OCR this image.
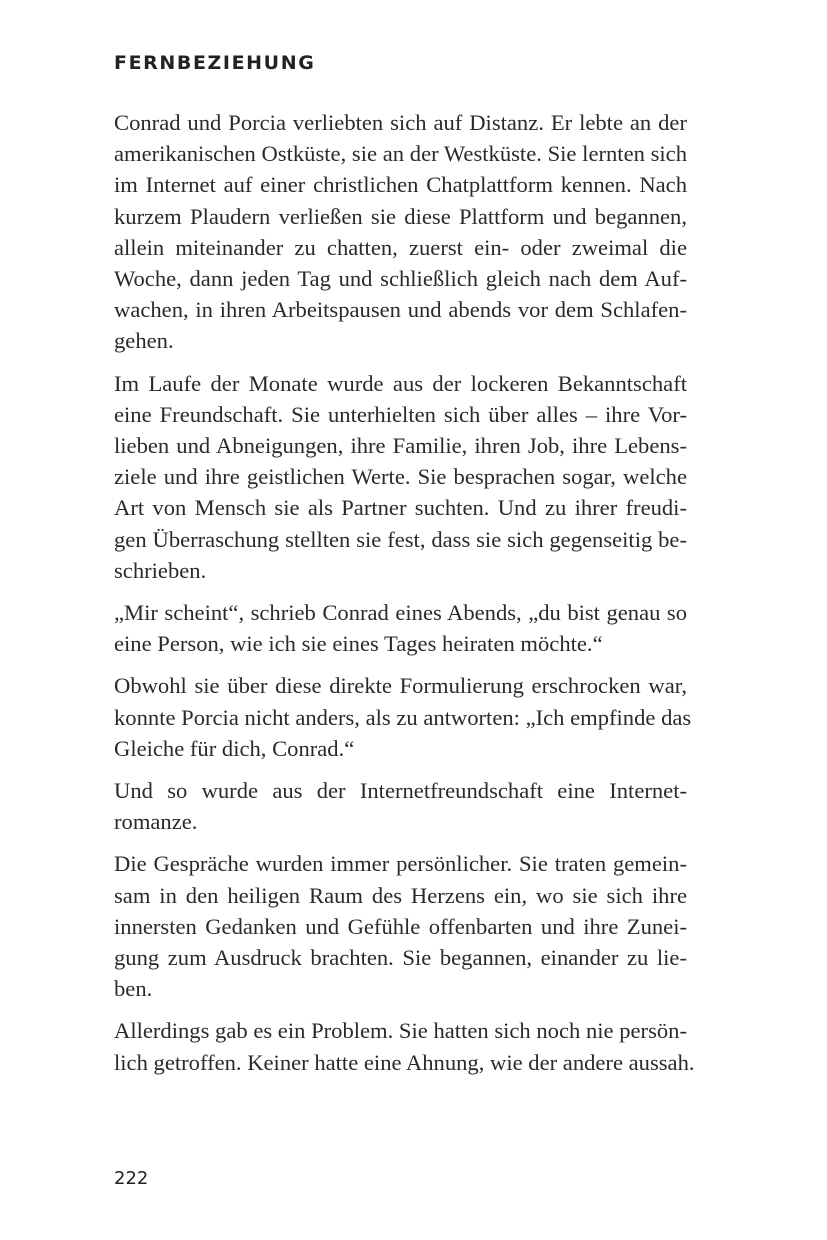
FERNBEZIEHUNG

Conrad und Porcia verliebten sich auf Distanz. Er lebte an der
amerikanischen Ostküste, sie an der Westküste. Sie lernten sich
im Internet auf einer christlichen Chatplattform kennen. Nach
kurzem Plaudern verließen sie diese Plattform und begannen,
allein miteinander zu chatten, zuerst ein- oder zweimal die
Woche, dann jeden Tag und schließlich gleich nach dem Auf-
wachen, in ihren Arbeitspausen und abends vor dem Schlafen-
gehen.

Im Laufe der Monate wurde aus der lockeren Bekanntschaft
eine Freundschaft. Sie unterhielten sich über alles – ihre Vor-
lieben und Abneigungen, ihre Familie, ihren Job, ihre Lebens-
ziele und ihre geistlichen Werte. Sie besprachen sogar, welche
Art von Mensch sie als Partner suchten. Und zu ihrer freudi-
gen Überraschung stellten sie fest, dass sie sich gegenseitig be-
schrieben.

„Mir scheint“, schrieb Conrad eines Abends, „du bist genau so
eine Person, wie ich sie eines Tages heiraten möchte.“

Obwohl sie über diese direkte Formulierung erschrocken war,
konnte Porcia nicht anders, als zu antworten: „Ich empfinde das
Gleiche für dich, Conrad.“

Und so wurde aus der Internetfreundschaft eine Internet-
romanze.

Die Gespräche wurden immer persönlicher. Sie traten gemein-
sam in den heiligen Raum des Herzens ein, wo sie sich ihre
innersten Gedanken und Gefühle offenbarten und ihre Zunei-
gung zum Ausdruck brachten. Sie begannen, einander zu lie-
ben.

Allerdings gab es ein Problem. Sie hatten sich noch nie persön-
lich getroffen. Keiner hatte eine Ahnung, wie der andere aussah.

222
